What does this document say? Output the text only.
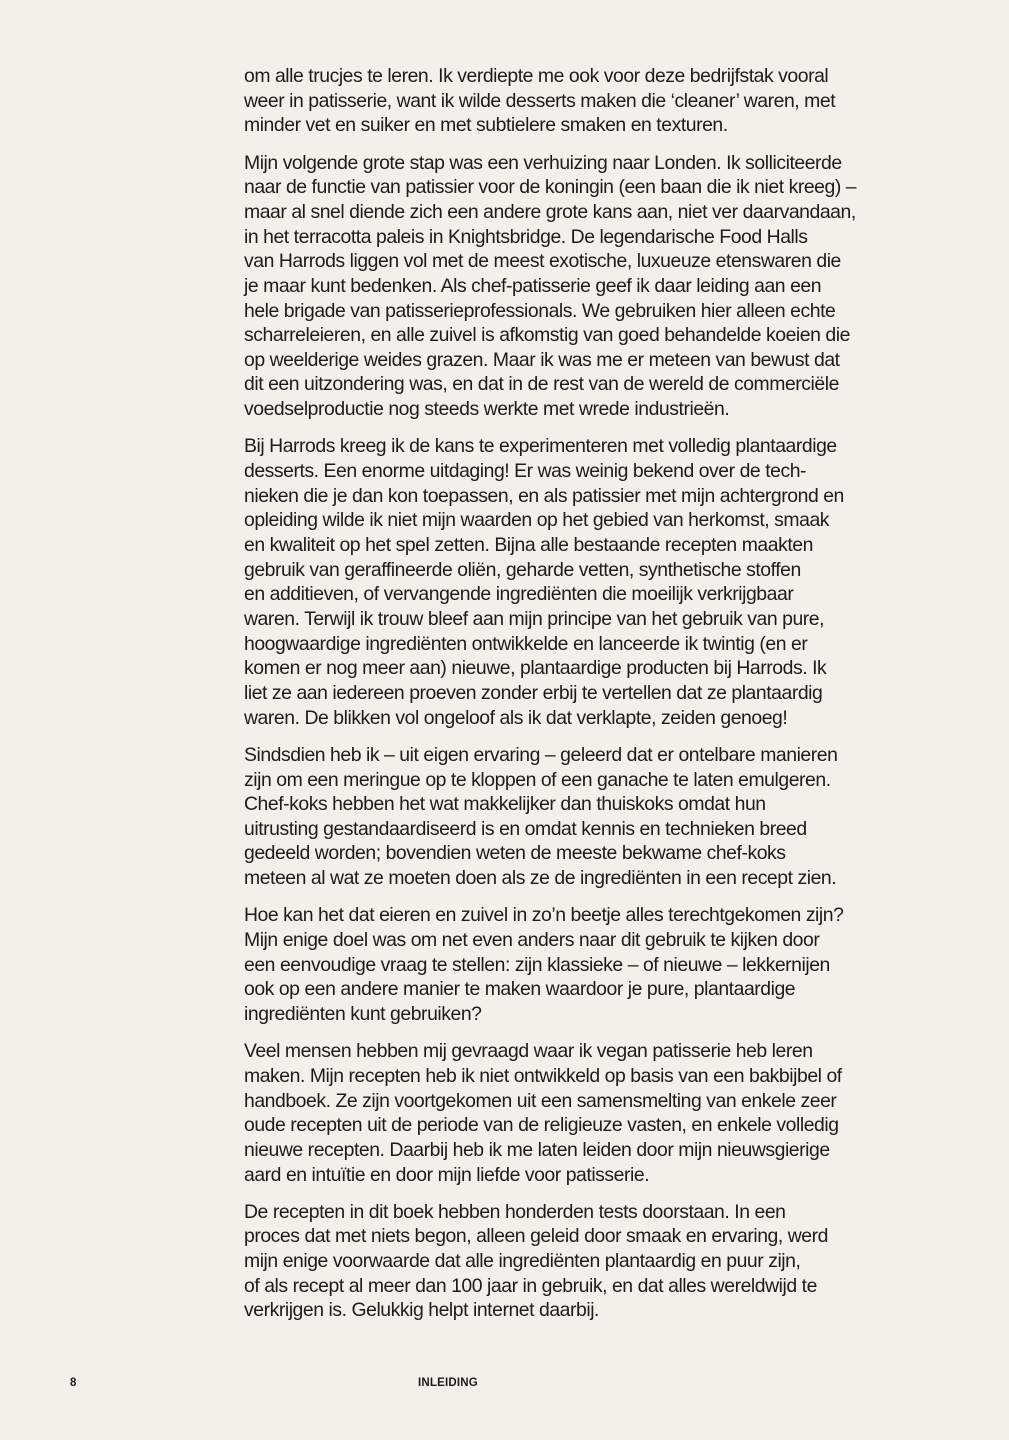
om alle trucjes te leren. Ik verdiepte me ook voor deze bedrijfstak vooral
weer in patisserie, want ik wilde desserts maken die ‘cleaner’ waren, met
minder vet en suiker en met subtielere smaken en texturen.

Mijn volgende grote stap was een verhuizing naar Londen. Ik solliciteerde
naar de functie van patissier voor de koningin (een baan die ik niet kreeg) –
maar al snel diende zich een andere grote kans aan, niet ver daarvandaan,
in het terracotta paleis in Knightsbridge. De legendarische Food Halls
van Harrods liggen vol met de meest exotische, luxueuze etenswaren die
je maar kunt bedenken. Als chef-patisserie geef ik daar leiding aan een
hele brigade van patisserieprofessionals. We gebruiken hier alleen echte
scharreleieren, en alle zuivel is afkomstig van goed behandelde koeien die
op weelderige weides grazen. Maar ik was me er meteen van bewust dat
dit een uitzondering was, en dat in de rest van de wereld de commerciële
voedselproductie nog steeds werkte met wrede industrieën.

Bij Harrods kreeg ik de kans te experimenteren met volledig plantaardige
desserts. Een enorme uitdaging! Er was weinig bekend over de tech-
nieken die je dan kon toepassen, en als patissier met mijn achtergrond en
opleiding wilde ik niet mijn waarden op het gebied van herkomst, smaak
en kwaliteit op het spel zetten. Bijna alle bestaande recepten maakten
gebruik van geraffineerde oliën, geharde vetten, synthetische stoffen
en additieven, of vervangende ingrediënten die moeilijk verkrijgbaar
waren. Terwijl ik trouw bleef aan mijn principe van het gebruik van pure,
hoogwaardige ingrediënten ontwikkelde en lanceerde ik twintig (en er
komen er nog meer aan) nieuwe, plantaardige producten bij Harrods. Ik
liet ze aan iedereen proeven zonder erbij te vertellen dat ze plantaardig
waren. De blikken vol ongeloof als ik dat verklapte, zeiden genoeg!

Sindsdien heb ik – uit eigen ervaring – geleerd dat er ontelbare manieren
zijn om een meringue op te kloppen of een ganache te laten emulgeren.
Chef-koks hebben het wat makkelijker dan thuiskoks omdat hun
uitrusting gestandaardiseerd is en omdat kennis en technieken breed
gedeeld worden; bovendien weten de meeste bekwame chef-koks
meteen al wat ze moeten doen als ze de ingrediënten in een recept zien.

Hoe kan het dat eieren en zuivel in zo’n beetje alles terechtgekomen zijn?
Mijn enige doel was om net even anders naar dit gebruik te kijken door
een eenvoudige vraag te stellen: zijn klassieke – of nieuwe – lekkernijen
ook op een andere manier te maken waardoor je pure, plantaardige
ingrediënten kunt gebruiken?

Veel mensen hebben mij gevraagd waar ik vegan patisserie heb leren
maken. Mijn recepten heb ik niet ontwikkeld op basis van een bakbijbel of
handboek. Ze zijn voortgekomen uit een samensmelting van enkele zeer
oude recepten uit de periode van de religieuze vasten, en enkele volledig
nieuwe recepten. Daarbij heb ik me laten leiden door mijn nieuwsgierige
aard en intuïtie en door mijn liefde voor patisserie.

De recepten in dit boek hebben honderden tests doorstaan. In een
proces dat met niets begon, alleen geleid door smaak en ervaring, werd
mijn enige voorwaarde dat alle ingrediënten plantaardig en puur zijn,
of als recept al meer dan 100 jaar in gebruik, en dat alles wereldwijd te
verkrijgen is. Gelukkig helpt internet daarbij.

8	INLEIDING
